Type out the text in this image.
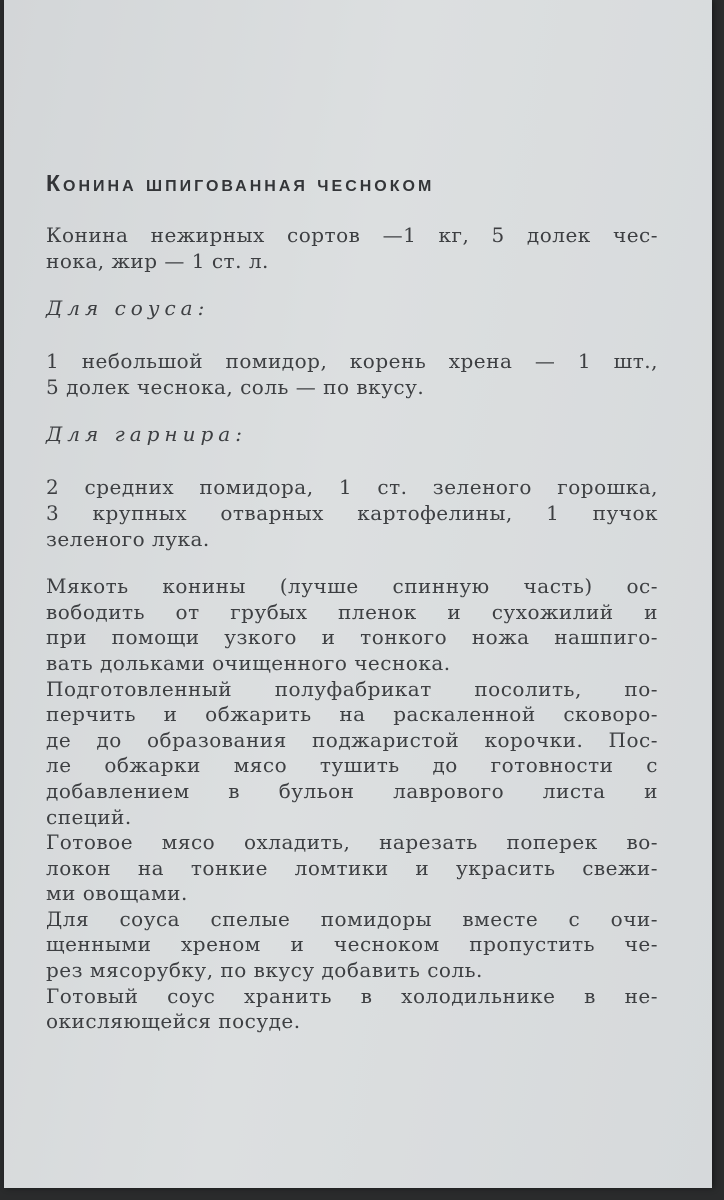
Конина шпигованная чесноком
Конина нежирных сортов —1 кг, 5 долек чес-
нока, жир — 1 ст. л.
Для соуса:
1 небольшой помидор, корень хрена — 1 шт.,
5 долек чеснока, соль — по вкусу.
Для гарнира:
2 средних помидора, 1 ст. зеленого горошка,
3 крупных отварных картофелины, 1 пучок
зеленого лука.
Мякоть конины (лучше спинную часть) ос-
вободить от грубых пленок и сухожилий и
при помощи узкого и тонкого ножа нашпиго-
вать дольками очищенного чеснока.
Подготовленный полуфабрикат посолить, по-
перчить и обжарить на раскаленной сковоро-
де до образования поджаристой корочки. Пос-
ле обжарки мясо тушить до готовности с
добавлением в бульон лаврового листа и
специй.
Готовое мясо охладить, нарезать поперек во-
локон на тонкие ломтики и украсить свежи-
ми овощами.
Для соуса спелые помидоры вместе с очи-
щенными хреном и чесноком пропустить че-
рез мясорубку, по вкусу добавить соль.
Готовый соус хранить в холодильнике в не-
окисляющейся посуде.
